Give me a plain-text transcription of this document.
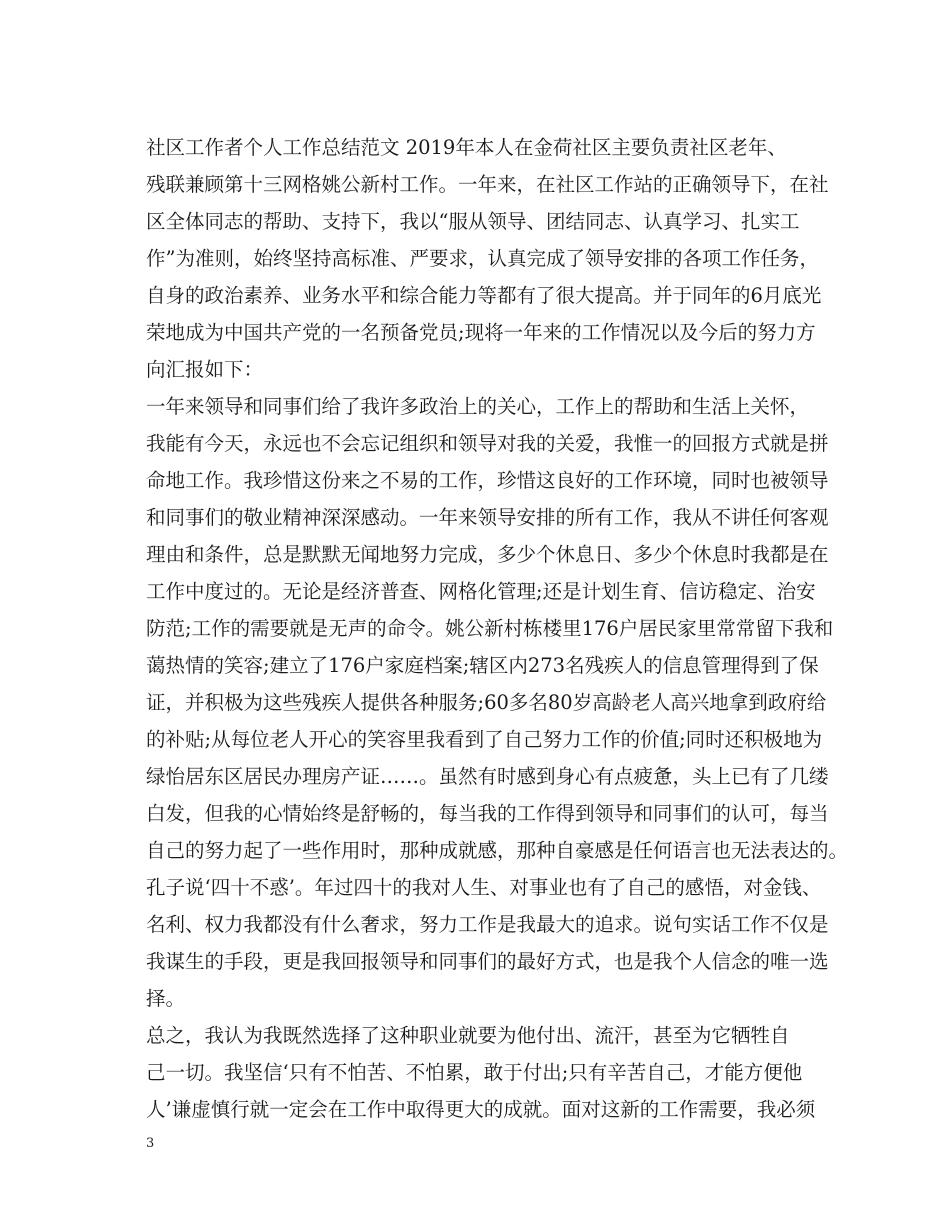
社区工作者个人工作总结范文 2019年本人在金荷社区主要负责社区老年、
残联兼顾第十三网格姚公新村工作。一年来，在社区工作站的正确领导下，在社
区全体同志的帮助、支持下，我以“服从领导、团结同志、认真学习、扎实工
作”为准则，始终坚持高标准、严要求，认真完成了领导安排的各项工作任务，
自身的政治素养、业务水平和综合能力等都有了很大提高。并于同年的6月底光
荣地成为中国共产党的一名预备党员;现将一年来的工作情况以及今后的努力方
向汇报如下：
一年来领导和同事们给了我许多政治上的关心，工作上的帮助和生活上关怀，
我能有今天，永远也不会忘记组织和领导对我的关爱，我惟一的回报方式就是拼
命地工作。我珍惜这份来之不易的工作，珍惜这良好的工作环境，同时也被领导
和同事们的敬业精神深深感动。一年来领导安排的所有工作，我从不讲任何客观
理由和条件，总是默默无闻地努力完成，多少个休息日、多少个休息时我都是在
工作中度过的。无论是经济普查、网格化管理;还是计划生育、信访稳定、治安
防范;工作的需要就是无声的命令。姚公新村栋楼里176户居民家里常常留下我和
蔼热情的笑容;建立了176户家庭档案;辖区内273名残疾人的信息管理得到了保
证，并积极为这些残疾人提供各种服务;60多名80岁高龄老人高兴地拿到政府给
的补贴;从每位老人开心的笑容里我看到了自己努力工作的价值;同时还积极地为
绿怡居东区居民办理房产证……。虽然有时感到身心有点疲惫，头上已有了几缕
白发，但我的心情始终是舒畅的，每当我的工作得到领导和同事们的认可，每当
自己的努力起了一些作用时，那种成就感，那种自豪感是任何语言也无法表达的。
孔子说‘四十不惑’。年过四十的我对人生、对事业也有了自己的感悟，对金钱、
名利、权力我都没有什么奢求，努力工作是我最大的追求。说句实话工作不仅是
我谋生的手段，更是我回报领导和同事们的最好方式，也是我个人信念的唯一选
择。
总之，我认为我既然选择了这种职业就要为他付出、流汗，甚至为它牺牲自
己一切。我坚信‘只有不怕苦、不怕累，敢于付出;只有辛苦自己，才能方便他
人’谦虚慎行就一定会在工作中取得更大的成就。面对这新的工作需要，我必须
3
